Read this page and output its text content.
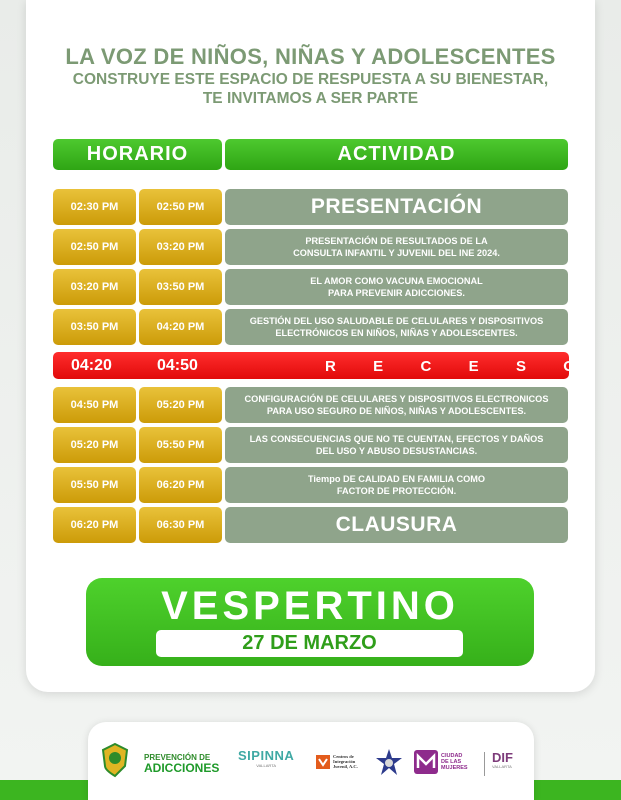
LA VOZ DE NIÑOS, NIÑAS Y ADOLESCENTES
CONSTRUYE ESTE ESPACIO DE RESPUESTA A SU BIENESTAR,
TE INVITAMOS A SER PARTE
HORARIO	ACTIVIDAD
02:30 PM	02:50 PM	PRESENTACIÓN
02:50 PM	03:20 PM	PRESENTACIÓN DE RESULTADOS DE LA
CONSULTA INFANTIL Y JUVENIL DEL INE 2024.
03:20 PM	03:50 PM	EL AMOR COMO VACUNA EMOCIONAL
PARA PREVENIR ADICCIONES.
03:50 PM	04:20 PM	GESTIÓN DEL USO SALUDABLE DE CELULARES Y DISPOSITIVOS
ELECTRÓNICOS EN NIÑOS, NIÑAS Y ADOLESCENTES.
04:20	04:50	R E C E S O
04:50 PM	05:20 PM	CONFIGURACIÓN DE CELULARES Y DISPOSITIVOS ELECTRONICOS
PARA USO SEGURO DE NIÑOS, NIÑAS Y ADOLESCENTES.
05:20 PM	05:50 PM	LAS CONSECUENCIAS QUE NO TE CUENTAN, EFECTOS Y DAÑOS
DEL USO Y ABUSO DESUSTANCIAS.
05:50 PM	06:20 PM	Tiempo DE CALIDAD EN FAMILIA COMO
FACTOR DE PROTECCIÓN.
06:20 PM	06:30 PM	CLAUSURA
VESPERTINO
27 DE MARZO
PREVENCIÓN DE
ADICCIONES
SIPINNA
VALLARTA
Centros de
Integración
Juvenil, A.C.
CIUDAD
DE LAS
MUJERES
DIF
VALLARTA
